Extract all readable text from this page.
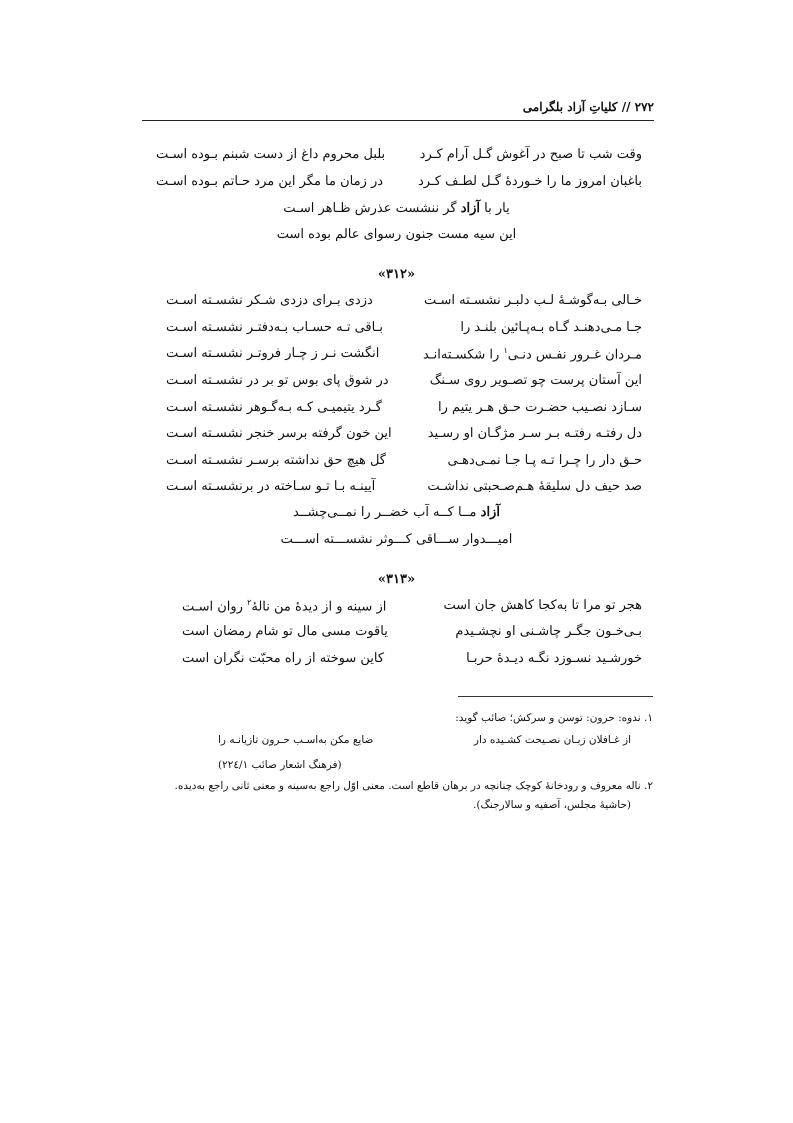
۲۷۲ // کلیاتِ آزاد بلگرامی
وقت شب تا صبح در آغوش گـل آرام کـرد
بلبل محروم داغ از دست شبنم بـوده اسـت
باغبان امروز ما را خـوردهٔ گـل لطـف کـرد
در زمان ما مگر این مرد حـاتم بـوده اسـت
یار با آزاد گر ننشست عذرش ظـاهر اسـت
این سیه مست جنون رسوای عالم بوده است
«۳۱۲»
خـالی بـه‌گوشـهٔ لـب دلبـر نشسـته اسـت
دزدی بـرای دزدی شـکر نشسـته اسـت
جـا مـی‌دهنـد گـاه بـه‌پـائین بلنـد را
بـاقی تـه حسـاب بـه‌دفتـر نشسـته اسـت
مـردان غـرور نفـس دنـی$^۱$ را شکسـته‌انـد
انگشت نـر ز چـار فروتـر نشسـته اسـت
این آستان پرست چو تصـویر روی سـنگ
در شوق پای بوس تو بر در نشسـته اسـت
سـازد نصـیب حضـرت حـق هـر یتیم را
گـرد یتیمیـی کـه بـه‌گـوهر نشسـته اسـت
دل رفتـه رفتـه بـر سـر مژگـان او رسـید
این خون گرفته برسر خنجر نشسـته اسـت
حـق دار را چـرا تـه پـا جـا نمـی‌دهـی
گل هیچ حق نداشته برسـر نشسـته اسـت
صد حیف دل سلیقهٔ هـم‌صـحبتی نداشـت
آیینـه بـا تـو سـاخته در برنشسـته اسـت
آزاد مــا کــه آب خضــر را نمــی‌چشــد
امیـــدوار ســـاقی کـــوثر نشســـته اســـت
«۳۱۳»
هجر تو مرا تا به‌کجا کاهش جان است
از سینه و از دیدهٔ من نالهٔ$^۲$ روان اسـت
بـی‌خـون جگـر چاشـنی او نچشـیدم
یاقوت مسی مال تو شام رمضان است
خورشـید نسـوزد نگـه دیـدهٔ حربـا
کاین سوخته از راه محبّت نگران است
۱. ندوه: حرون: توسن و سرکش؛ صائب گوید:
از غـافلان زبـان نصـیحت کشـیده دار
ضایع مکن به‌اسـب حـرون تازیانـه را
(فرهنگ اشعار صائب ۲۲٤/۱)
۲. ناله معروف و رودخانهٔ کوچک چنانچه در برهان قاطع است. معنی اوّل راجع به‌سینه و معنی ثانی راجع به‌دیده.
(حاشیهٔ مجلس، آصفیه و سالارجنگ).
